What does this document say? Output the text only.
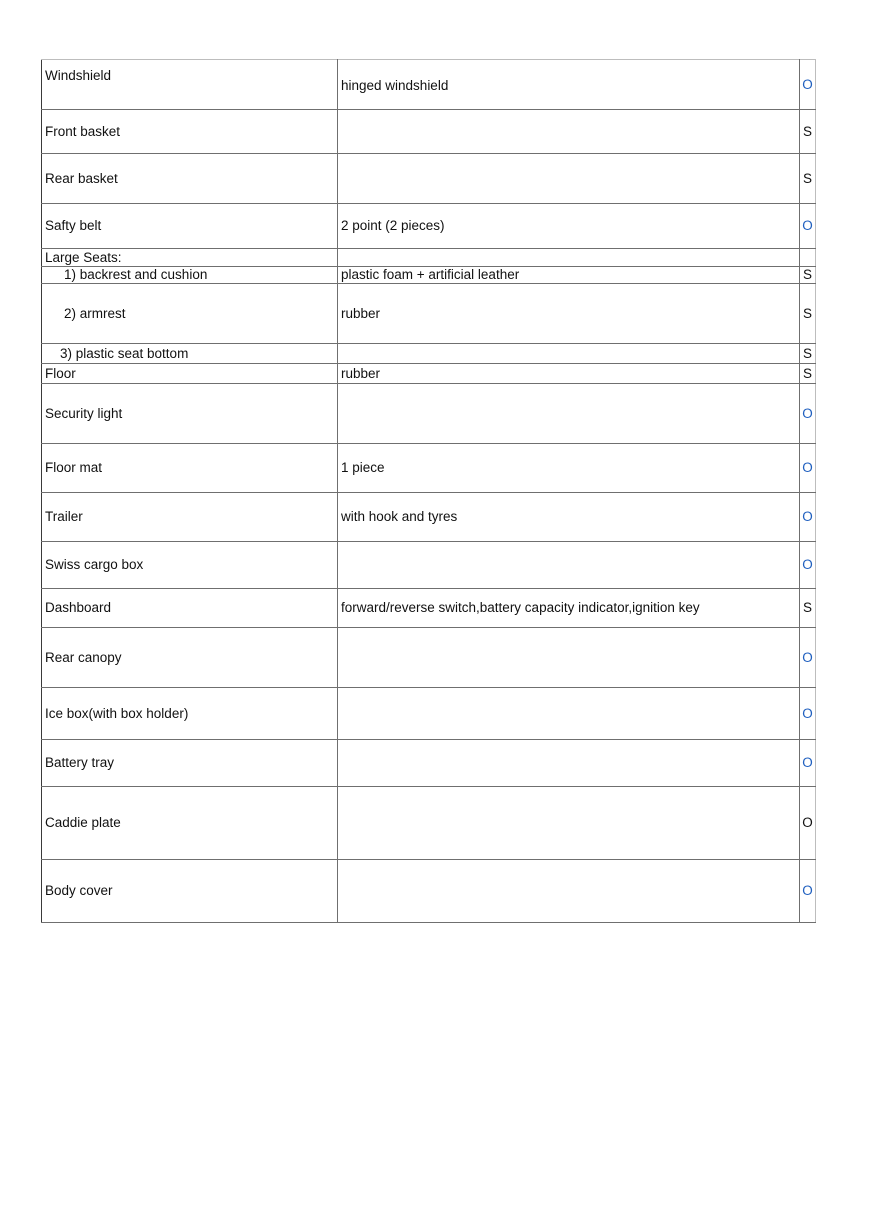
Windshield	hinged windshield	O
Front basket		S
Rear basket		S
Safty belt	2 point (2 pieces)	O
Large Seats:		
1) backrest and cushion	plastic foam + artificial leather	S
2) armrest	rubber	S
3) plastic seat bottom		S
Floor	rubber	S
Security light		O
Floor mat	1 piece	O
Trailer	with hook and tyres	O
Swiss cargo box		O
Dashboard	forward/reverse switch,battery capacity indicator,ignition key	S
Rear canopy		O
Ice box(with box holder)		O
Battery tray		O
Caddie plate		O
Body cover		O
